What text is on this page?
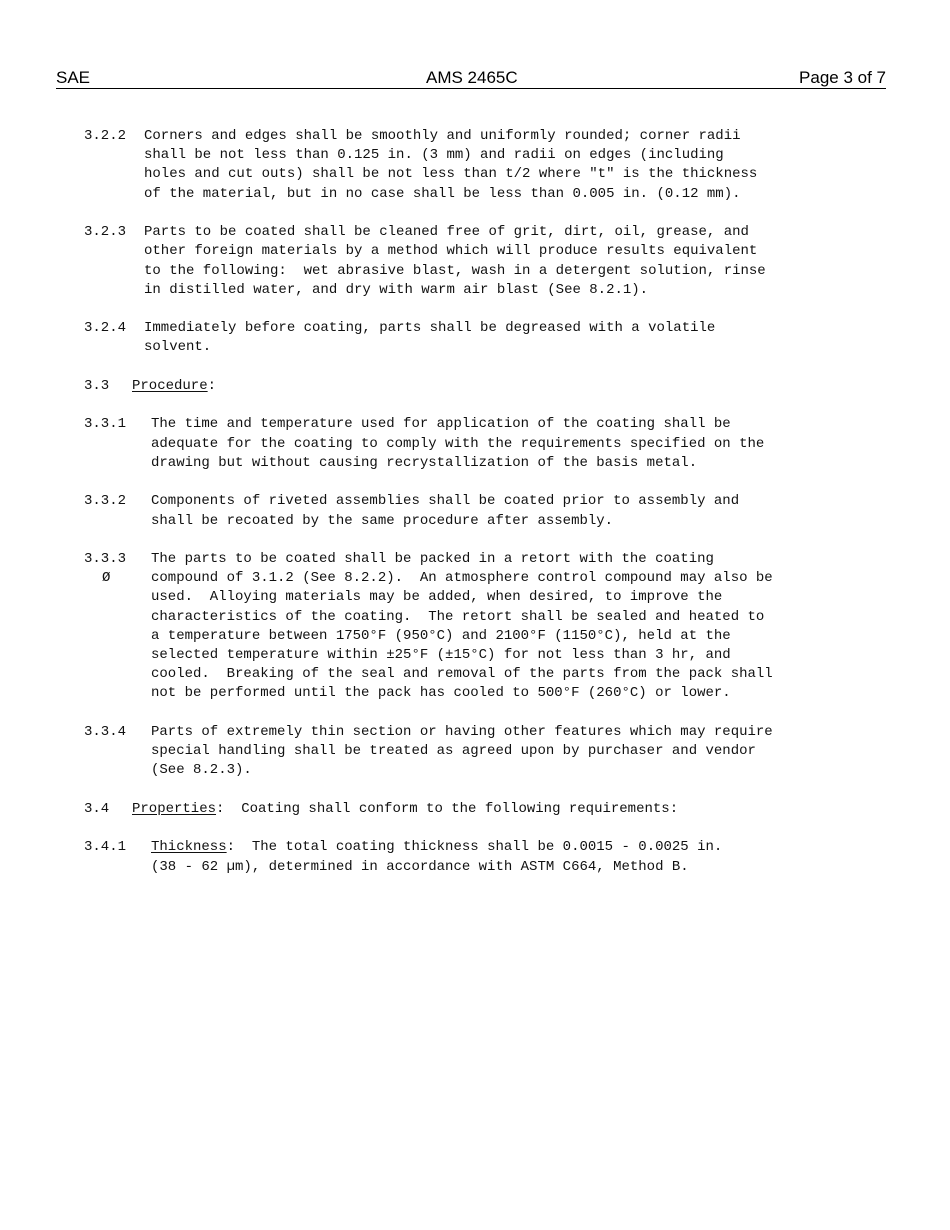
SAE	AMS 2465C	Page 3 of 7
3.2.2 Corners and edges shall be smoothly and uniformly rounded; corner radii
shall be not less than 0.125 in. (3 mm) and radii on edges (including
holes and cut outs) shall be not less than t/2 where "t" is the thickness
of the material, but in no case shall be less than 0.005 in. (0.12 mm).
3.2.3 Parts to be coated shall be cleaned free of grit, dirt, oil, grease, and
other foreign materials by a method which will produce results equivalent
to the following:  wet abrasive blast, wash in a detergent solution, rinse
in distilled water, and dry with warm air blast (See 8.2.1).
3.2.4 Immediately before coating, parts shall be degreased with a volatile
solvent.
3.3 Procedure:
3.3.1 The time and temperature used for application of the coating shall be
adequate for the coating to comply with the requirements specified on the
drawing but without causing recrystallization of the basis metal.
3.3.2 Components of riveted assemblies shall be coated prior to assembly and
shall be recoated by the same procedure after assembly.
3.3.3
Ø
The parts to be coated shall be packed in a retort with the coating
compound of 3.1.2 (See 8.2.2).  An atmosphere control compound may also be
used.  Alloying materials may be added, when desired, to improve the
characteristics of the coating.  The retort shall be sealed and heated to
a temperature between 1750°F (950°C) and 2100°F (1150°C), held at the
selected temperature within ±25°F (±15°C) for not less than 3 hr, and
cooled.  Breaking of the seal and removal of the parts from the pack shall
not be performed until the pack has cooled to 500°F (260°C) or lower.
3.3.4 Parts of extremely thin section or having other features which may require
special handling shall be treated as agreed upon by purchaser and vendor
(See 8.2.3).
3.4 Properties:  Coating shall conform to the following requirements:
3.4.1 Thickness:  The total coating thickness shall be 0.0015 - 0.0025 in.
(38 - 62 µm), determined in accordance with ASTM C664, Method B.
